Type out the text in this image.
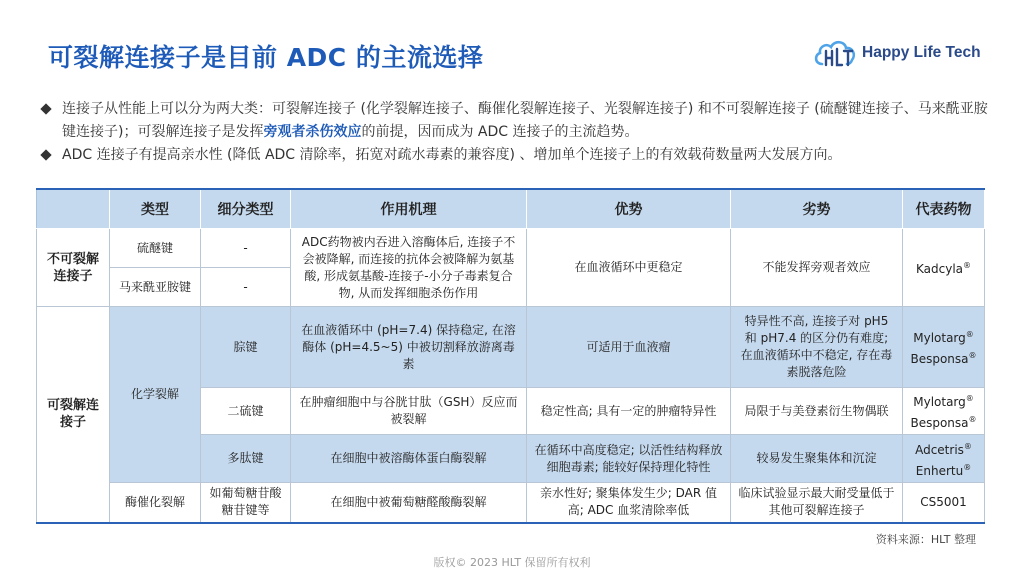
可裂解连接子是目前 ADC 的主流选择	Happy Life Tech
连接子从性能上可以分为两大类：可裂解连接子 (化学裂解连接子、酶催化裂解连接子、光裂解连接子) 和不可裂解连接子 (硫醚键连接子、马来酰亚胺键连接子)；可裂解连接子是发挥旁观者杀伤效应的前提，因而成为 ADC 连接子的主流趋势。
ADC 连接子有提高亲水性 (降低 ADC 清除率，拓宽对疏水毒素的兼容度) 、增加单个连接子上的有效载荷数量两大发展方向。
	类型	细分类型	作用机理	优势	劣势	代表药物
不可裂解连接子	硫醚键	-	ADC药物被内吞进入溶酶体后, 连接子不会被降解, 而连接的抗体会被降解为氨基酸, 形成氨基酸-连接子-小分子毒素复合物, 从而发挥细胞杀伤作用	在血液循环中更稳定	不能发挥旁观者效应	Kadcyla®
	马来酰亚胺键	-				
可裂解连接子	化学裂解	腙键	在血液循环中 (pH=7.4) 保持稳定, 在溶酶体 (pH=4.5~5) 中被切割释放游离毒素	可适用于血液瘤	特异性不高, 连接子对 pH5 和 pH7.4 的区分仍有难度; 在血液循环中不稳定, 存在毒素脱落危险	Mylotarg®
Besponsa®
		二硫键	在肿瘤细胞中与谷胱甘肽（GSH）反应而被裂解	稳定性高; 具有一定的肿瘤特异性	局限于与美登素衍生物偶联	Mylotarg®
Besponsa®
		多肽键	在细胞中被溶酶体蛋白酶裂解	在循环中高度稳定; 以活性结构释放细胞毒素; 能较好保持理化特性	较易发生聚集体和沉淀	Adcetris®
Enhertu®
	酶催化裂解	如葡萄糖苷酸糖苷键等	在细胞中被葡萄糖醛酸酶裂解	亲水性好; 聚集体发生少; DAR 值高; ADC 血浆清除率低	临床试验显示最大耐受量低于其他可裂解连接子	CS5001
资料来源：HLT 整理
版权© 2023 HLT 保留所有权利
